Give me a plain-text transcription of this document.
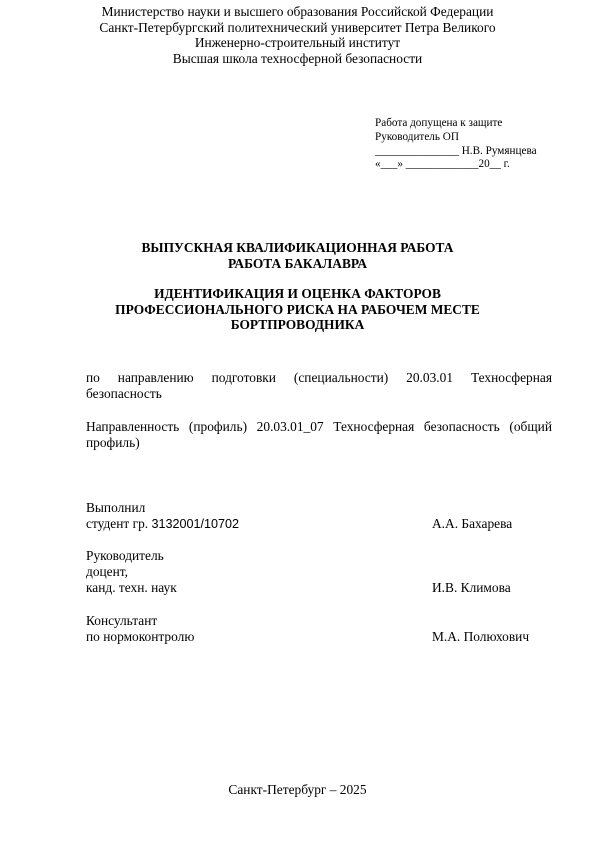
Министерство науки и высшего образования Российской Федерации
Санкт-Петербургский политехнический университет Петра Великого
Инженерно-строительный институт
Высшая школа техносферной безопасности
Работа допущена к защите
Руководитель ОП
_______________ Н.В. Румянцева
«___» _____________20__ г.
ВЫПУСКНАЯ КВАЛИФИКАЦИОННАЯ РАБОТА
РАБОТА БАКАЛАВРА
ИДЕНТИФИКАЦИЯ И ОЦЕНКА ФАКТОРОВ
ПРОФЕССИОНАЛЬНОГО РИСКА НА РАБОЧЕМ МЕСТЕ
БОРТПРОВОДНИКА
по направлению подготовки (специальности) 20.03.01 Техносферная безопасность
Направленность (профиль) 20.03.01_07 Техносферная безопасность (общий профиль)
Выполнил
студент гр. 3132001/10702	А.А. Бахарева
Руководитель
доцент,
канд. техн. наук	И.В. Климова
Консультант
по нормоконтролю	М.А. Полюхович
Санкт-Петербург – 2025
